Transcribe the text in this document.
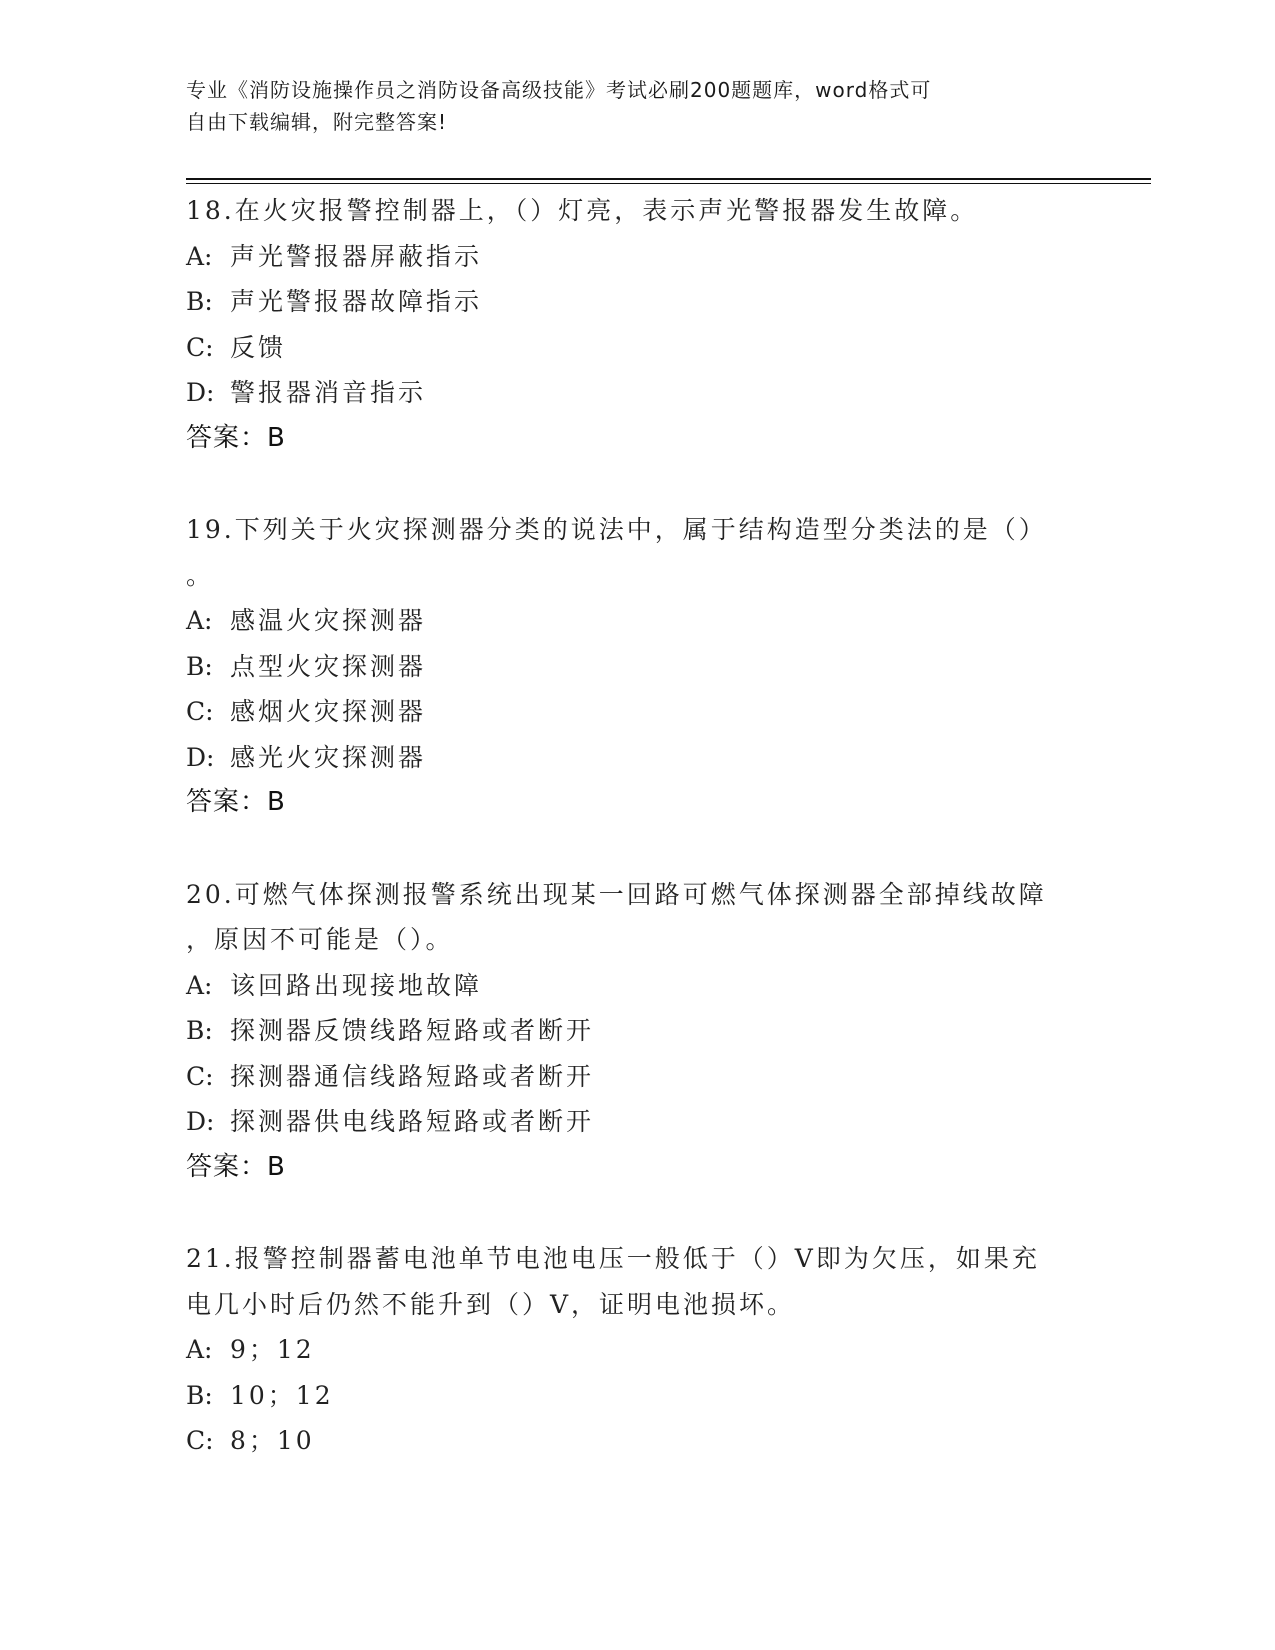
专业《消防设施操作员之消防设备高级技能》考试必刷200题题库，word格式可
自由下载编辑，附完整答案!
18.在火灾报警控制器上，（）灯亮，表示声光警报器发生故障。
A: 声光警报器屏蔽指示
B: 声光警报器故障指示
C: 反馈
D: 警报器消音指示
答案：B
19.下列关于火灾探测器分类的说法中，属于结构造型分类法的是（）
。
A: 感温火灾探测器
B: 点型火灾探测器
C: 感烟火灾探测器
D: 感光火灾探测器
答案：B
20.可燃气体探测报警系统出现某一回路可燃气体探测器全部掉线故障
，原因不可能是（）。
A: 该回路出现接地故障
B: 探测器反馈线路短路或者断开
C: 探测器通信线路短路或者断开
D: 探测器供电线路短路或者断开
答案：B
21.报警控制器蓄电池单节电池电压一般低于（）V即为欠压，如果充
电几小时后仍然不能升到（）V，证明电池损坏。
A: 9；12
B: 10；12
C: 8；10
